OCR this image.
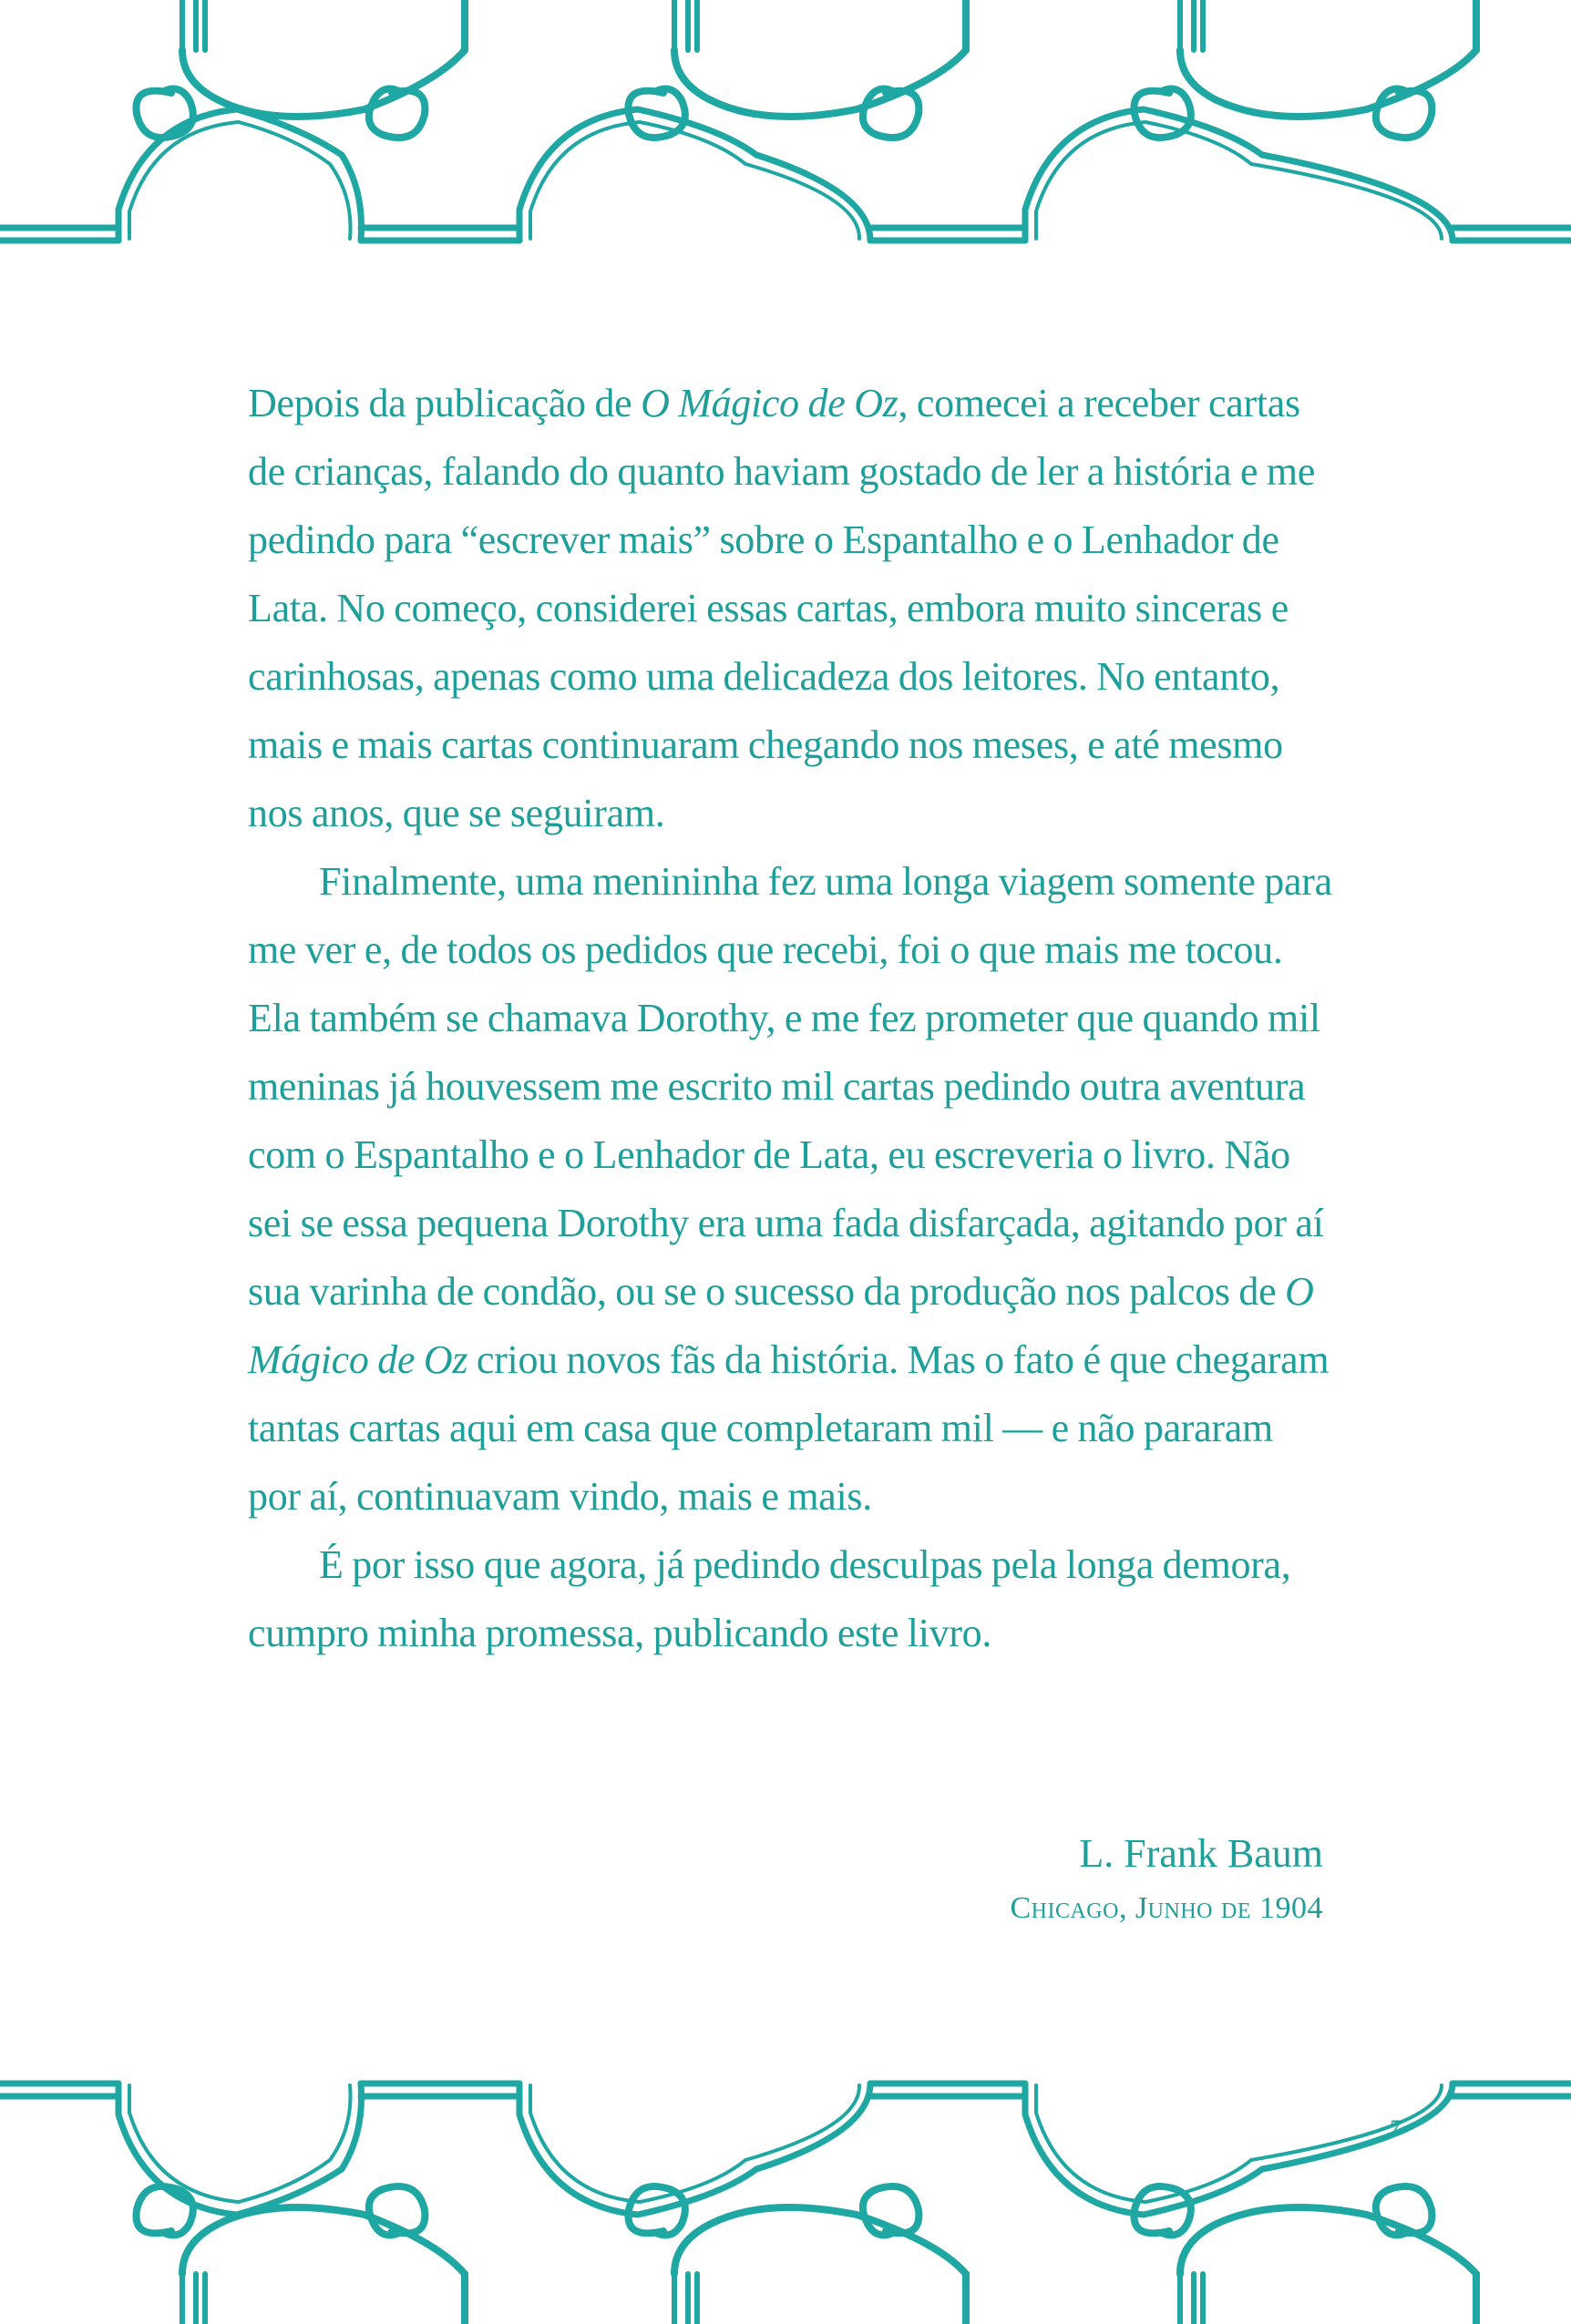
Depois da publicação de O Mágico de Oz, comecei a receber cartas de crianças, falando do quanto haviam gostado de ler a história e me pedindo para “escrever mais” sobre o Espantalho e o Lenhador de Lata. No começo, considerei essas cartas, embora muito sinceras e carinhosas, apenas como uma delicadeza dos leitores. No entanto, mais e mais cartas continuaram chegando nos meses, e até mesmo nos anos, que se seguiram.

Finalmente, uma menininha fez uma longa viagem somente para me ver e, de todos os pedidos que recebi, foi o que mais me tocou. Ela também se chamava Dorothy, e me fez prometer que quando mil meninas já houvessem me escrito mil cartas pedindo outra aventura com o Espantalho e o Lenhador de Lata, eu escreveria o livro. Não sei se essa pequena Dorothy era uma fada disfarçada, agitando por aí sua varinha de condão, ou se o sucesso da produção nos palcos de O Mágico de Oz criou novos fãs da história. Mas o fato é que chegaram tantas cartas aqui em casa que completaram mil — e não pararam por aí, continuavam vindo, mais e mais.

É por isso que agora, já pedindo desculpas pela longa demora, cumpro minha promessa, publicando este livro.

L. Frank Baum
Chicago, Junho de 1904
7
